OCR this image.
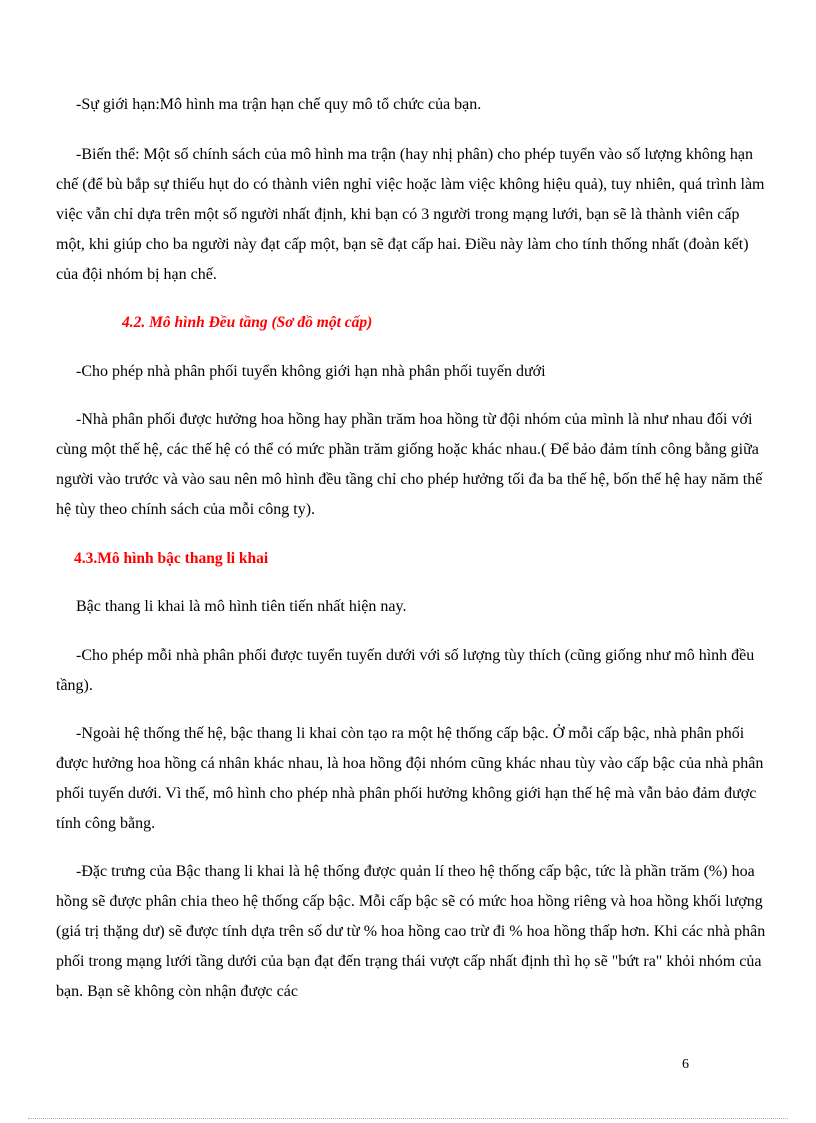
-Sự giới hạn:Mô hình ma trận hạn chế quy mô tổ chức của bạn.

-Biến thể: Một số chính sách của mô hình ma trận (hay nhị phân) cho phép tuyển vào số lượng không hạn chế (để bù bắp sự thiếu hụt do có thành viên nghỉ việc hoặc làm việc không hiệu quả), tuy nhiên, quá trình làm việc vẫn chỉ dựa trên một số người nhất định, khi bạn có 3 người trong mạng lưới, bạn sẽ là thành viên cấp một, khi giúp cho ba người này đạt cấp một, bạn sẽ đạt cấp hai. Điều này làm cho tính thống nhất (đoàn kết) của đội nhóm bị hạn chế.

4.2. Mô hình Đều tầng (Sơ đồ một cấp)

-Cho phép nhà phân phối tuyển không giới hạn nhà phân phối tuyến dưới

-Nhà phân phối được hưởng hoa hồng hay phần trăm hoa hồng từ đội nhóm của mình là như nhau đối với cùng một thế hệ, các thế hệ có thể có mức phần trăm giống hoặc khác nhau.( Để bảo đảm tính công bằng giữa người vào trước và vào sau nên mô hình đều tầng chỉ cho phép hưởng tối đa ba thế hệ, bốn thế hệ hay năm thế hệ tùy theo chính sách của mỗi công ty).

4.3.Mô hình bậc thang li khai

Bậc thang li khai là mô hình tiên tiến nhất hiện nay.

-Cho phép mỗi nhà phân phối được tuyển tuyến dưới với số lượng tùy thích (cũng giống như mô hình đều tầng).

-Ngoài hệ thống thế hệ, bậc thang li khai còn tạo ra một hệ thống cấp bậc. Ở mỗi cấp bậc, nhà phân phối được hưởng hoa hồng cá nhân khác nhau, là hoa hồng đội nhóm cũng khác nhau tùy vào cấp bậc của nhà phân phối tuyến dưới. Vì thế, mô hình cho phép nhà phân phối hưởng không giới hạn thế hệ mà vẫn bảo đảm được tính công bằng.

-Đặc trưng của Bậc thang li khai là hệ thống được quản lí theo hệ thống cấp bậc, tức là phần trăm (%) hoa hồng sẽ được phân chia theo hệ thống cấp bậc. Mỗi cấp bậc sẽ có mức hoa hồng riêng và hoa hồng khối lượng (giá trị thặng dư) sẽ được tính dựa trên số dư từ % hoa hồng cao trừ đi % hoa hồng thấp hơn. Khi các nhà phân phối trong mạng lưới tầng dưới của bạn đạt đến trạng thái vượt cấp nhất định thì họ sẽ "bứt ra" khỏi nhóm của bạn. Bạn sẽ không còn nhận được các

6
